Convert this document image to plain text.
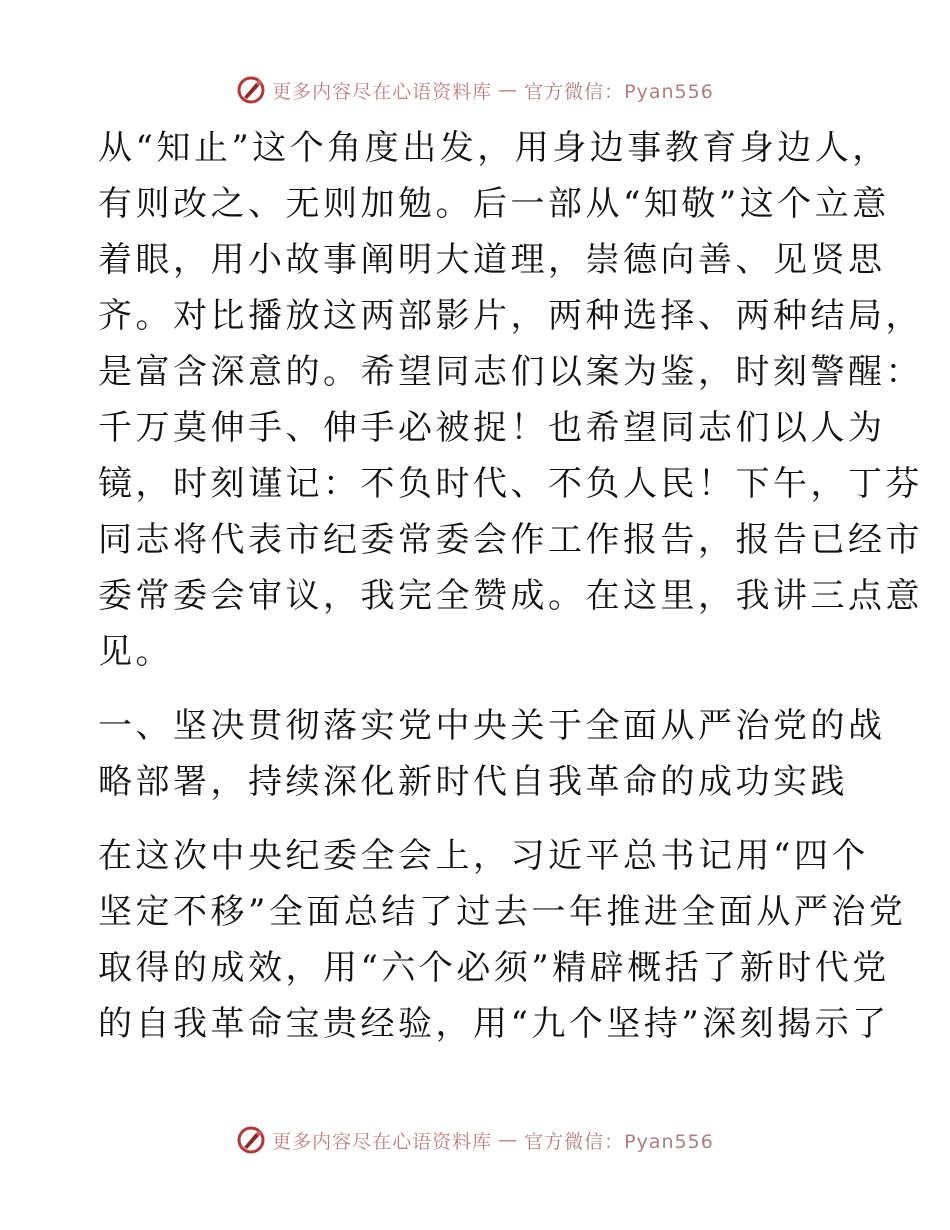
更多内容尽在心语资料库 — 官方微信：Pyan556
从“知止”这个角度出发，用身边事教育身边人，
有则改之、无则加勉。后一部从“知敬”这个立意
着眼，用小故事阐明大道理，崇德向善、见贤思
齐。对比播放这两部影片，两种选择、两种结局，
是富含深意的。希望同志们以案为鉴，时刻警醒：
千万莫伸手、伸手必被捉！也希望同志们以人为
镜，时刻谨记：不负时代、不负人民！下午，丁芬
同志将代表市纪委常委会作工作报告，报告已经市
委常委会审议，我完全赞成。在这里，我讲三点意
见。
一、坚决贯彻落实党中央关于全面从严治党的战
略部署，持续深化新时代自我革命的成功实践
在这次中央纪委全会上，习近平总书记用“四个
坚定不移”全面总结了过去一年推进全面从严治党
取得的成效，用“六个必须”精辟概括了新时代党
的自我革命宝贵经验，用“九个坚持”深刻揭示了
更多内容尽在心语资料库 — 官方微信：Pyan556
